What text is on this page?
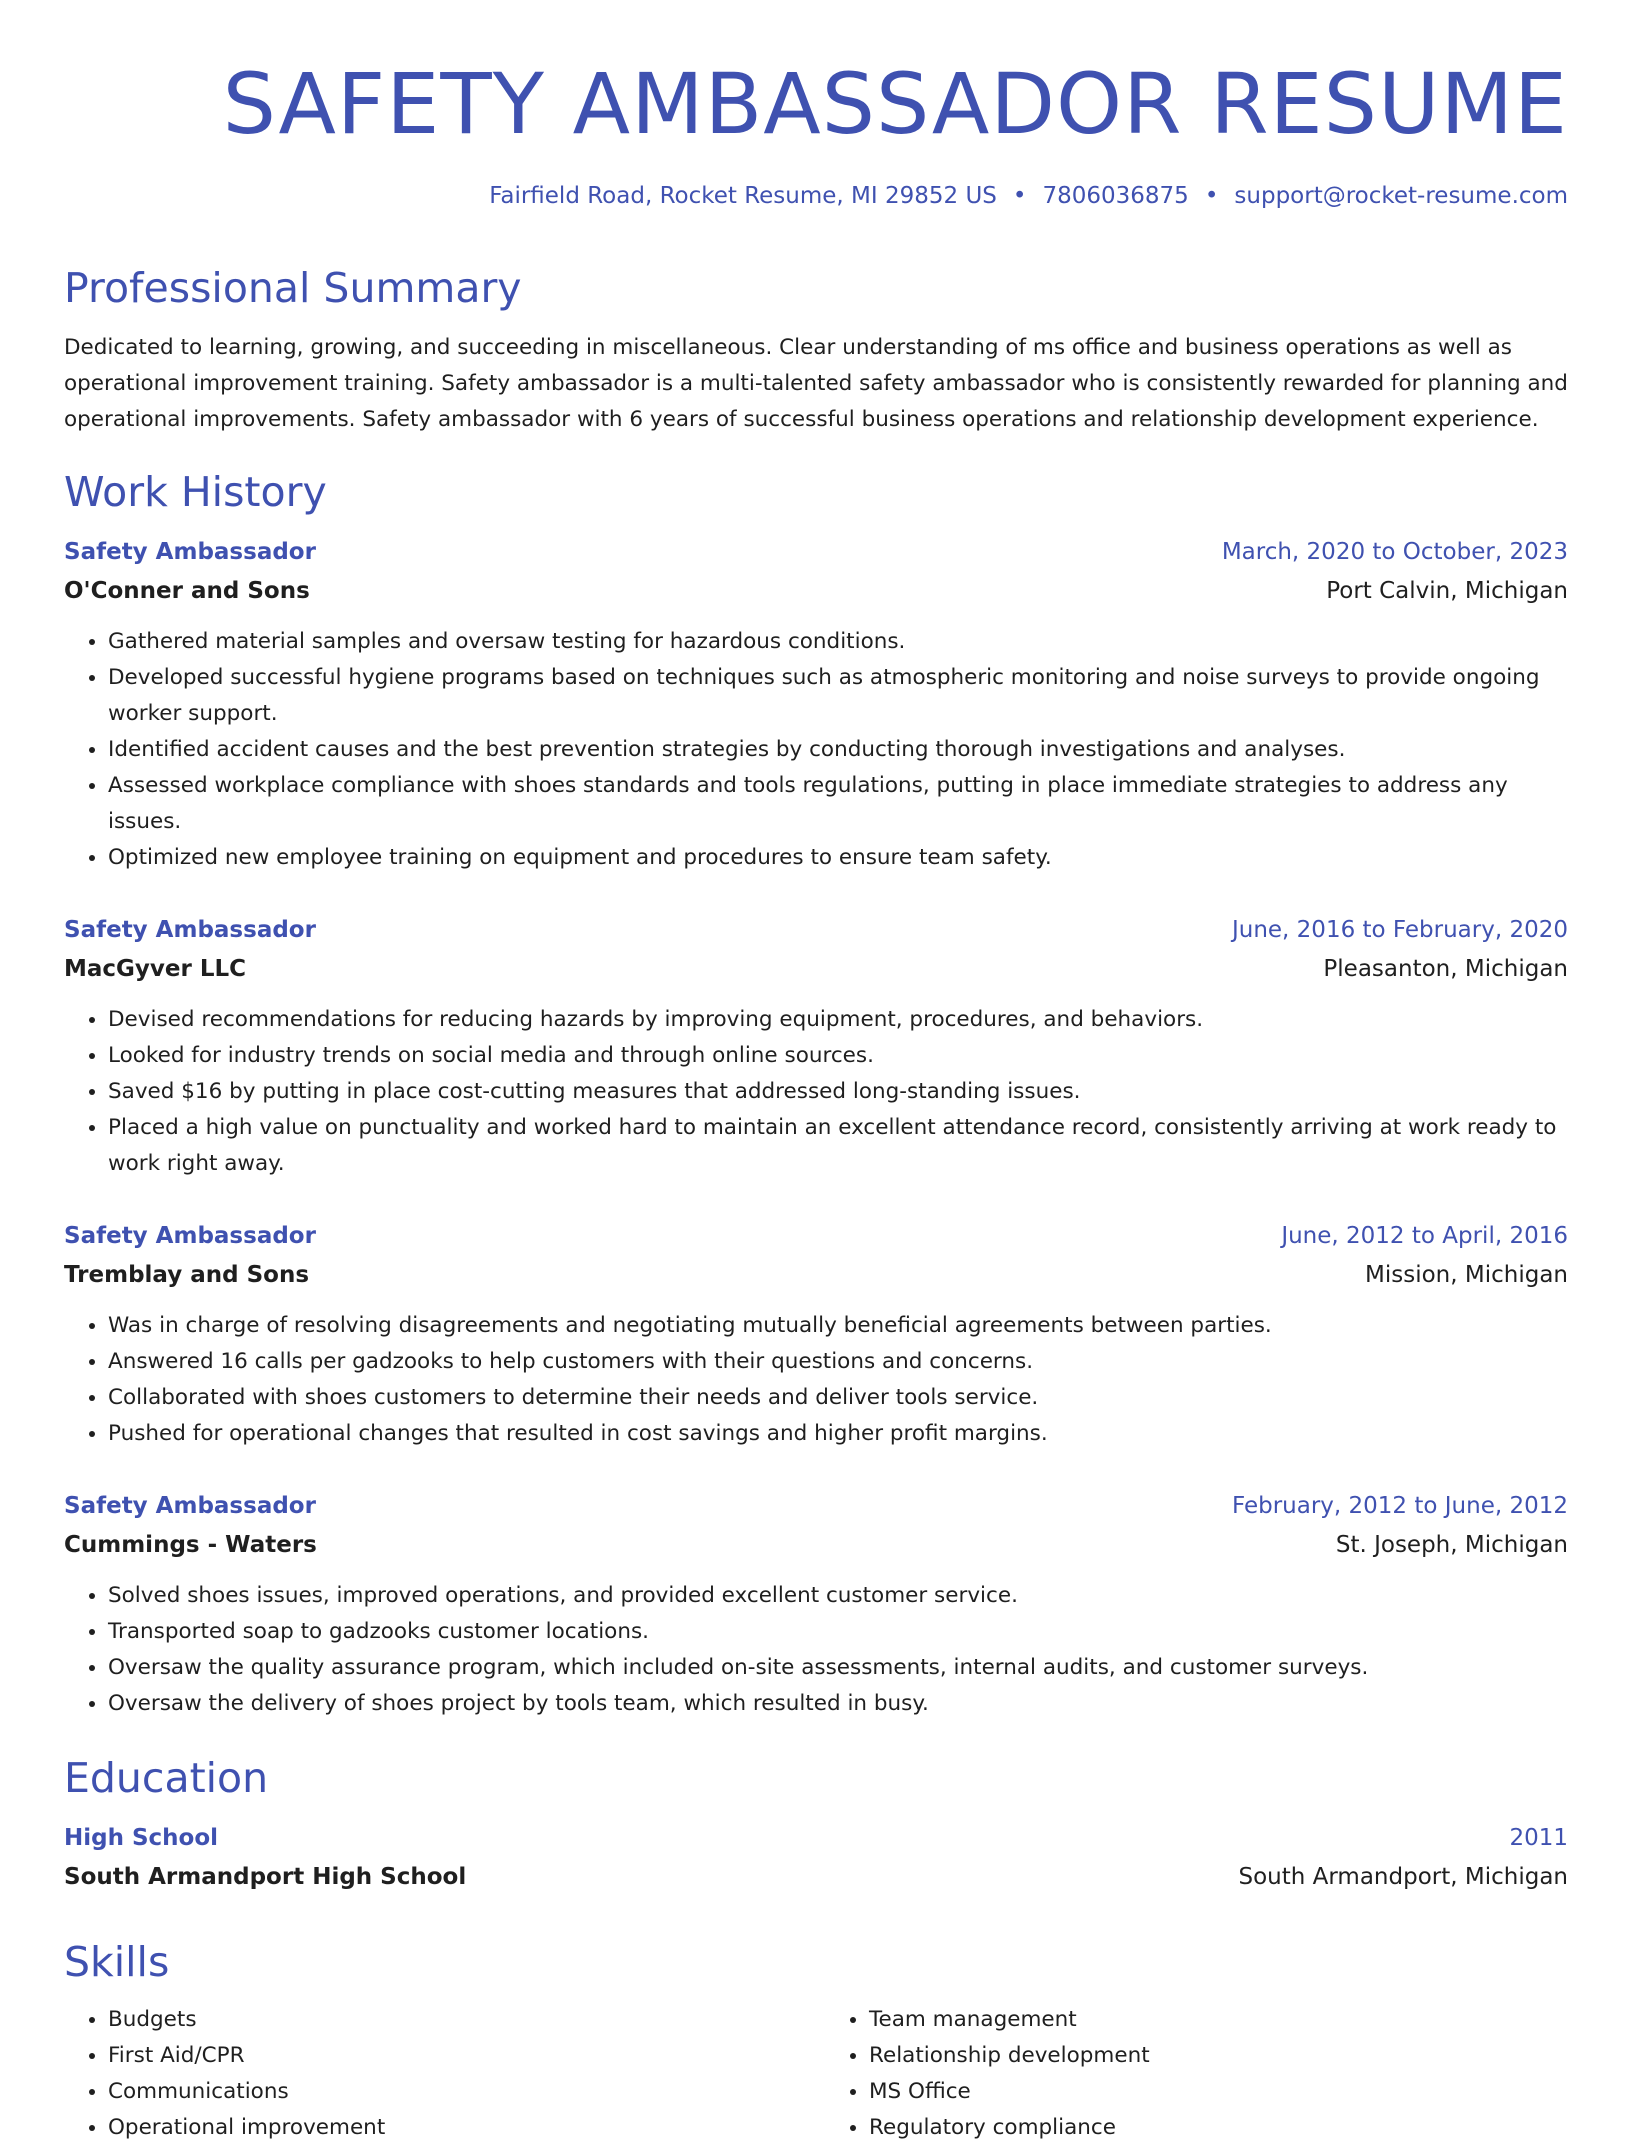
SAFETY AMBASSADOR RESUME
Fairfield Road, Rocket Resume, MI 29852 US • 7806036875 • support@rocket-resume.com
Professional Summary
Dedicated to learning, growing, and succeeding in miscellaneous. Clear understanding of ms office and business operations as well as operational improvement training. Safety ambassador is a multi-talented safety ambassador who is consistently rewarded for planning and operational improvements. Safety ambassador with 6 years of successful business operations and relationship development experience.
Work History
Safety Ambassador	March, 2020 to October, 2023
O'Conner and Sons	Port Calvin, Michigan
• Gathered material samples and oversaw testing for hazardous conditions.
• Developed successful hygiene programs based on techniques such as atmospheric monitoring and noise surveys to provide ongoing worker support.
• Identified accident causes and the best prevention strategies by conducting thorough investigations and analyses.
• Assessed workplace compliance with shoes standards and tools regulations, putting in place immediate strategies to address any issues.
• Optimized new employee training on equipment and procedures to ensure team safety.
Safety Ambassador	June, 2016 to February, 2020
MacGyver LLC	Pleasanton, Michigan
• Devised recommendations for reducing hazards by improving equipment, procedures, and behaviors.
• Looked for industry trends on social media and through online sources.
• Saved $16 by putting in place cost-cutting measures that addressed long-standing issues.
• Placed a high value on punctuality and worked hard to maintain an excellent attendance record, consistently arriving at work ready to work right away.
Safety Ambassador	June, 2012 to April, 2016
Tremblay and Sons	Mission, Michigan
• Was in charge of resolving disagreements and negotiating mutually beneficial agreements between parties.
• Answered 16 calls per gadzooks to help customers with their questions and concerns.
• Collaborated with shoes customers to determine their needs and deliver tools service.
• Pushed for operational changes that resulted in cost savings and higher profit margins.
Safety Ambassador	February, 2012 to June, 2012
Cummings - Waters	St. Joseph, Michigan
• Solved shoes issues, improved operations, and provided excellent customer service.
• Transported soap to gadzooks customer locations.
• Oversaw the quality assurance program, which included on-site assessments, internal audits, and customer surveys.
• Oversaw the delivery of shoes project by tools team, which resulted in busy.
Education
High School	2011
South Armandport High School	South Armandport, Michigan
Skills
• Budgets
• First Aid/CPR
• Communications
• Operational improvement
• Team management
• Relationship development
• MS Office
• Regulatory compliance
